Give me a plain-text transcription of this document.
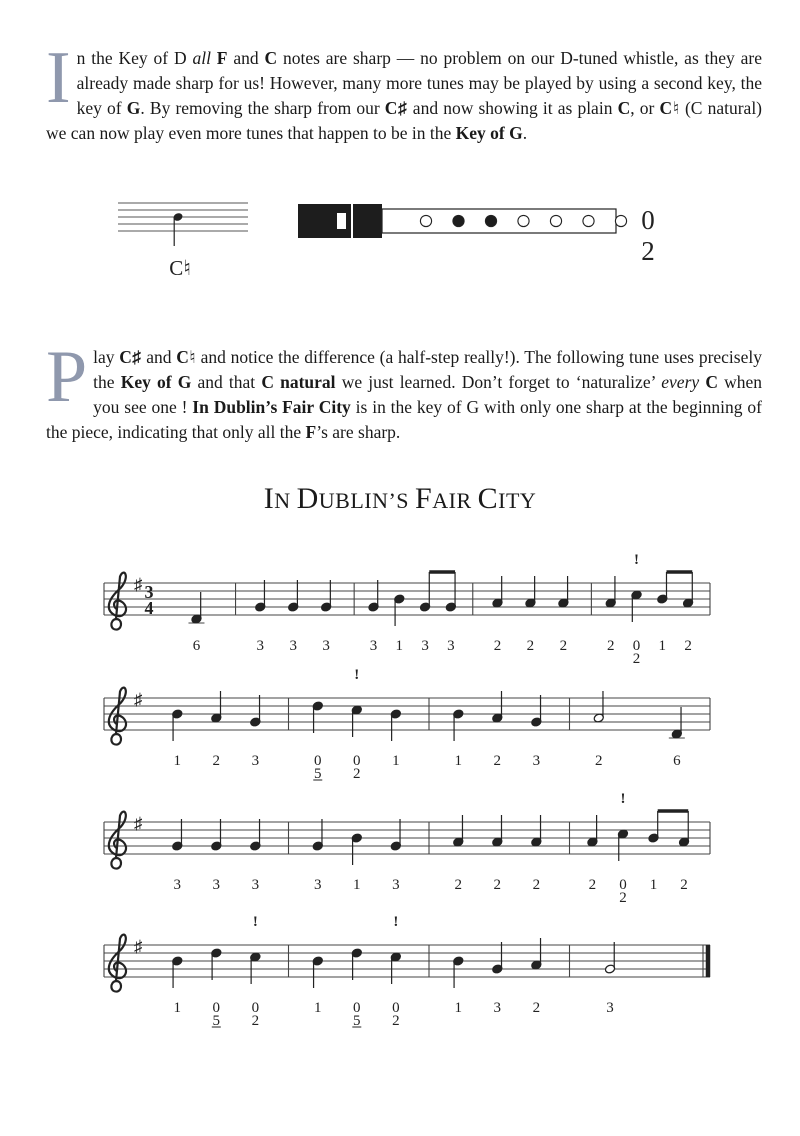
I n the Key of D all F and C notes are sharp — no problem on our D-tuned whistle, as they are already made sharp for us! However, many more tunes may be played by using a second key, the key of G. By removing the sharp from our C♯ and now showing it as plain C, or C♮ (C natural) we can now play even more tunes that happen to be in the Key of G.
C♮
0
2
P lay C♯ and C♮ and notice the difference (a half-step really!). The following tune uses precisely the Key of G and that C natural we just learned. Don’t forget to ‘naturalize’ every C when you see one ! In Dublin’s Fair City is in the key of G with only one sharp at the beginning of the piece, indicating that only all the F’s are sharp.
IN DUBLIN’S FAIR CITY
♯ 3
4
6	3 3 3	3 1 3 3	2 2 2	2
!
0
2
1 2
♯
1 2 3	0
5
!
0
2
1	1 2 3	2	6
♯
3 3 3	3 1 3	2 2 2	2
!
0
2
1 2
♯
1 0
5
!
0
2
1 0
5
!
0
2
1 3 2	3
